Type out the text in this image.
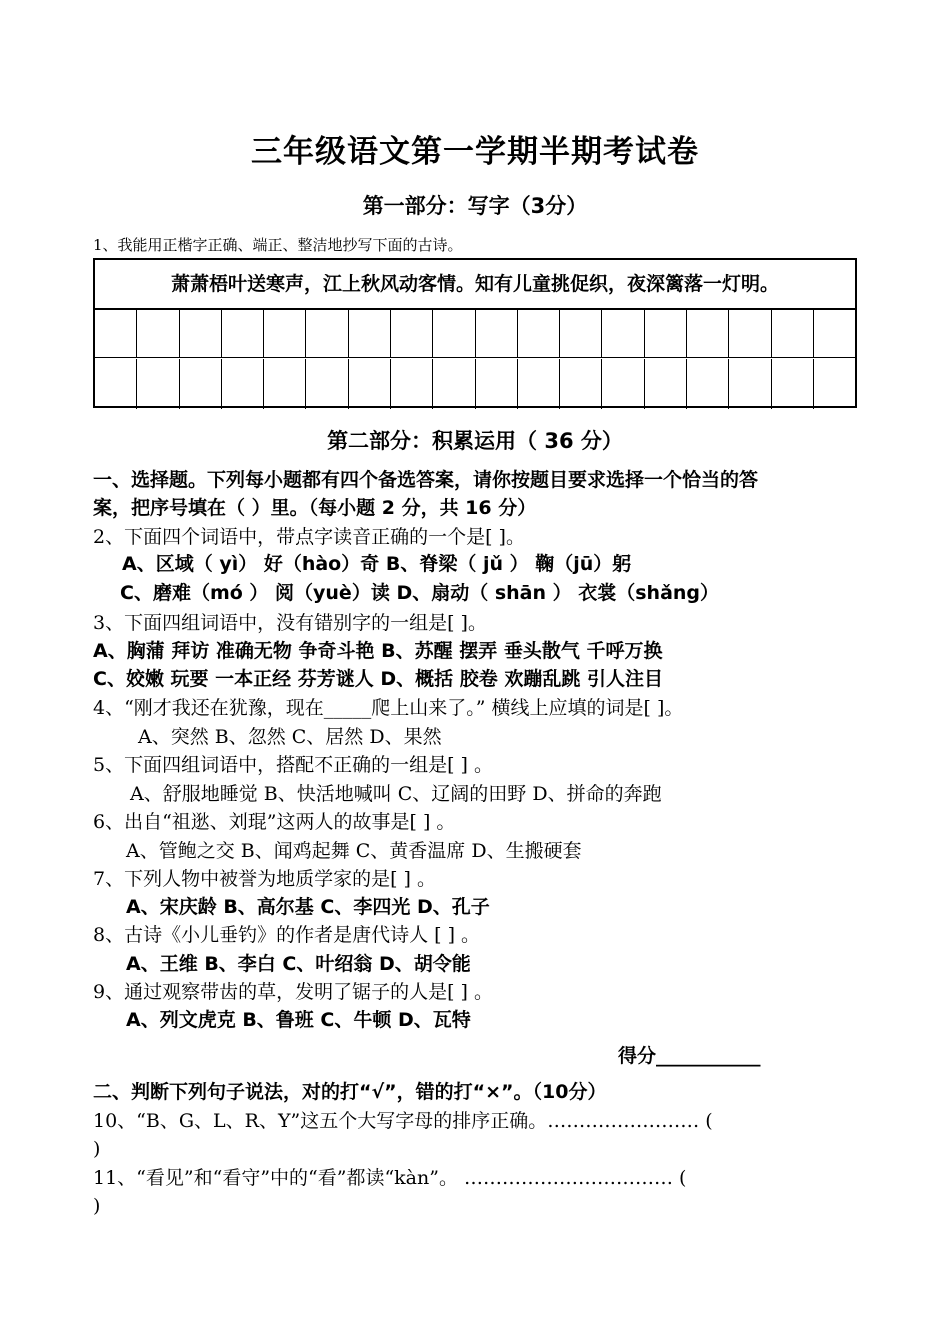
三年级语文第一学期半期考试卷
第一部分：写字（3分）
1、我能用正楷字正确、端正、整洁地抄写下面的古诗。
萧萧梧叶送寒声，江上秋风动客情。知有儿童挑促织，夜深篱落一灯明。
第二部分：积累运用（ 36 分）
一、选择题。下列每小题都有四个备选答案，请你按题目要求选择一个恰当的答
案，把序号填在（ ）里。（每小题 2 分，共 16 分）
2、下面四个词语中，带点字读音正确的一个是[ ]。
A、区域（ yì） 好（hào）奇 B、脊梁（ jǔ ） 鞠（jū）躬
C、磨难（mó ） 阅（yuè）读 D、扇动（ shān ） 衣裳（shǎng）
3、下面四组词语中，没有错别字的一组是[ ]。
A、胸蒲 拜访 准确无物 争奇斗艳 B、苏醒 摆弄 垂头散气 千呼万换
C、姣嫩 玩要 一本正经 芬芳谜人 D、概括 胶卷 欢蹦乱跳 引人注目
4、“刚才我还在犹豫，现在_____爬上山来了。” 横线上应填的词是[ ]。
A、突然 B、忽然 C、居然 D、果然
5、下面四组词语中，搭配不正确的一组是[ ] 。
A、舒服地睡觉 B、快活地喊叫 C、辽阔的田野 D、拼命的奔跑
6、出自“祖逖、刘琨”这两人的故事是[ ] 。
A、管鲍之交 B、闻鸡起舞 C、黄香温席 D、生搬硬套
7、下列人物中被誉为地质学家的是[ ] 。
A、宋庆龄 B、高尔基 C、李四光 D、孔子
8、古诗《小儿垂钓》的作者是唐代诗人 [ ] 。
A、王维 B、李白 C、叶绍翁 D、胡令能
9、通过观察带齿的草，发明了锯子的人是[ ] 。
A、列文虎克 B、鲁班 C、牛顿 D、瓦特
得分___________
二、判断下列句子说法，对的打“√”，错的打“×”。（10分）
10、“B、G、L、R、Y”这五个大写字母的排序正确。…………………… (
)
11、“看见”和“看守”中的“看”都读“kàn”。 …………………………… (
)
